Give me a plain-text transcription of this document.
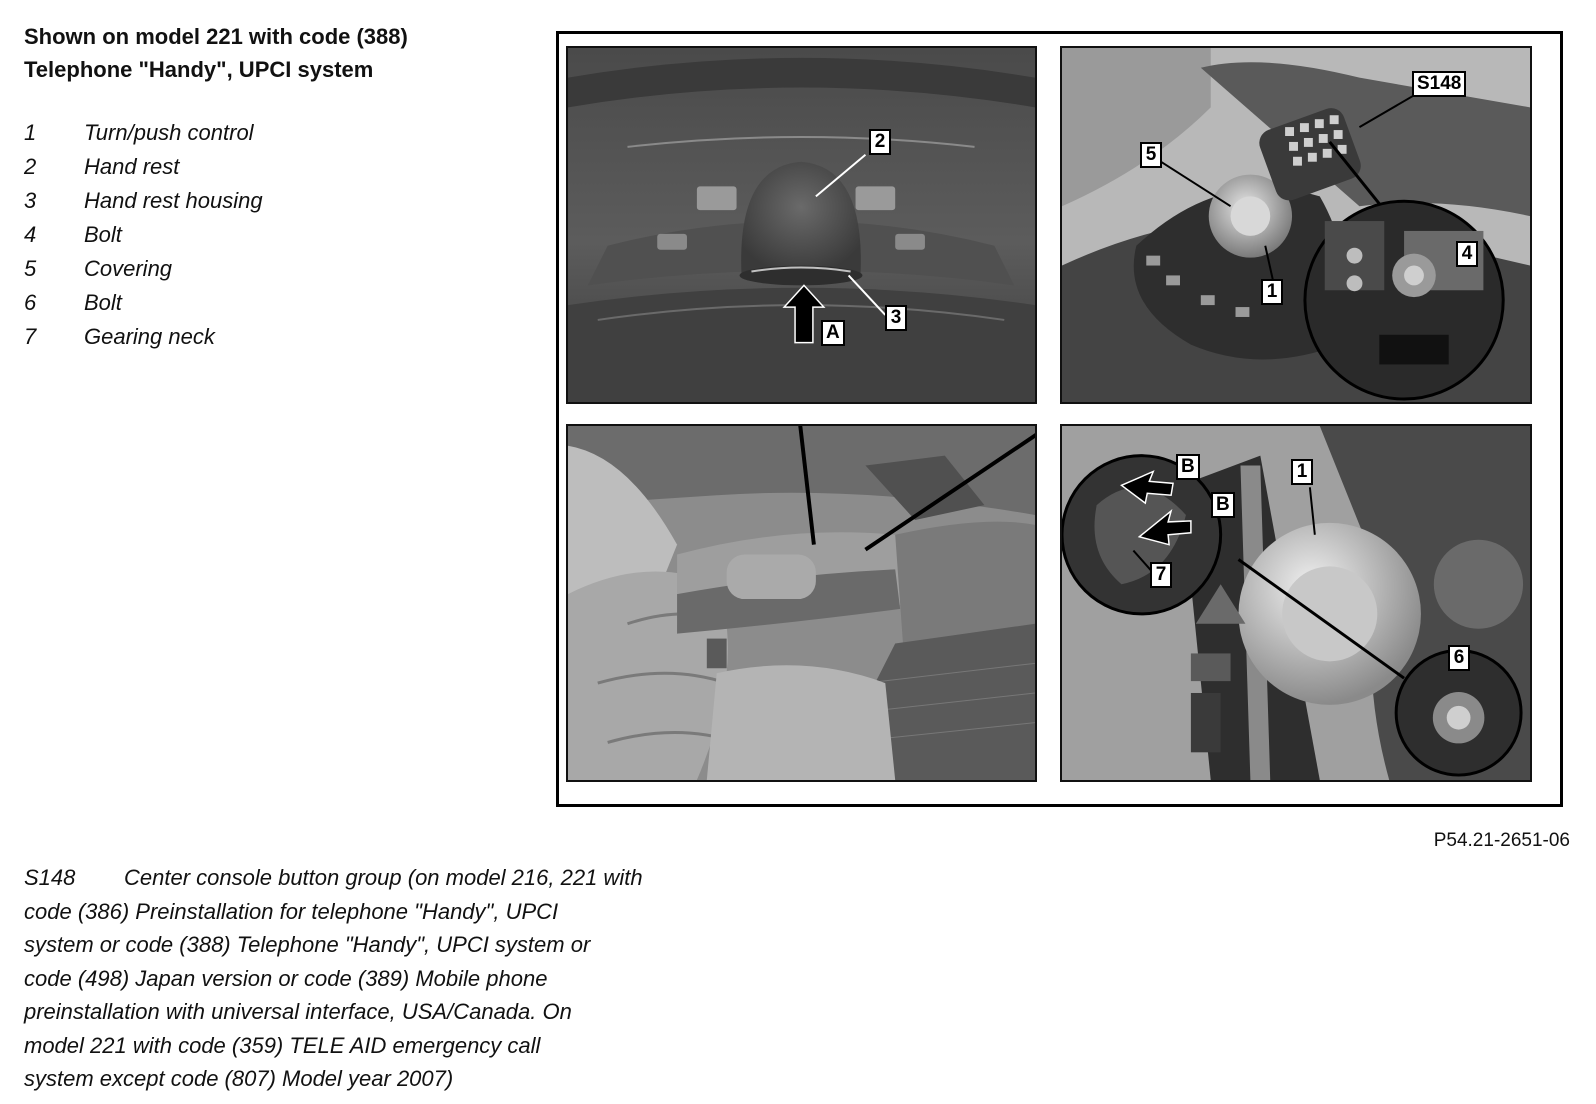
Shown on model 221 with code (388)
Telephone "Handy", UPCI system
1 Turn/push control
2 Hand rest
3 Hand rest housing
4 Bolt
5 Covering
6 Bolt
7 Gearing neck
2
3
A
S148
5
1
4
B
B
7
1
6
P54.21-2651-06
S148 Center console button group (on model 216, 221 with
code (386) Preinstallation for telephone "Handy", UPCI
system or code (388) Telephone "Handy", UPCI system or
code (498) Japan version or code (389) Mobile phone
preinstallation with universal interface, USA/Canada. On
model 221 with code (359) TELE AID emergency call
system except code (807) Model year 2007)
